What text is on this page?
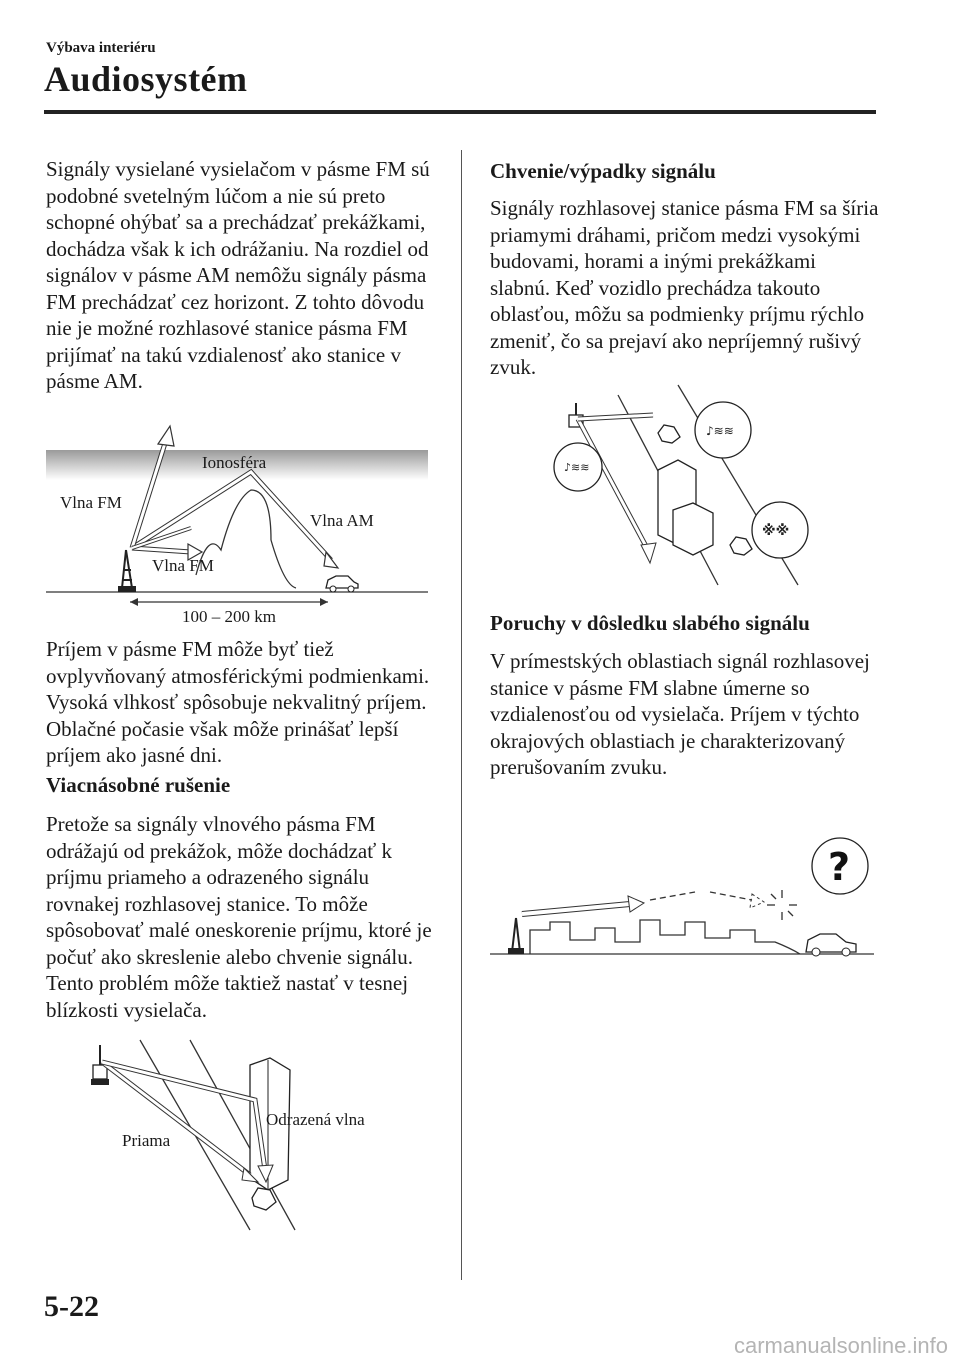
Výbava interiéru
Audiosystém

Signály vysielané vysielačom v pásme FM sú podobné svetelným lúčom a nie sú preto schopné ohýbať sa a prechádzať prekážkami, dochádza však k ich odrážaniu. Na rozdiel od signálov v pásme AM nemôžu signály pásma FM prechádzať cez horizont. Z tohto dôvodu nie je možné rozhlasové stanice pásma FM prijímať na takú vzdialenosť ako stanice v pásme AM.

Ionosféra
Vlna FM
Vlna AM
Vlna FM
100 – 200 km

Príjem v pásme FM môže byť tiež ovplyvňovaný atmosférickými podmienkami. Vysoká vlhkosť spôsobuje nekvalitný príjem. Oblačné počasie však môže prinášať lepší príjem ako jasné dni.

Viacnásobné rušenie

Pretože sa signály vlnového pásma FM odrážajú od prekážok, môže dochádzať k príjmu priameho a odrazeného signálu rovnakej rozhlasovej stanice. To môže spôsobovať malé oneskorenie príjmu, ktoré je počuť ako skreslenie alebo chvenie signálu. Tento problém môže taktiež nastať v tesnej blízkosti vysielača.

Odrazená vlna
Priama
Chvenie/výpadky signálu

Signály rozhlasovej stanice pásma FM sa šíria priamymi dráhami, pričom medzi vysokými budovami, horami a inými prekážkami slabnú. Keď vozidlo prechádza takouto oblasťou, môžu sa podmienky príjmu rýchlo zmeniť, čo sa prejaví ako nepríjemný rušivý zvuk.

♪≋≋
♪≋≋
※※
Poruchy v dôsledku slabého signálu

V prímestských oblastiach signál rozhlasovej stanice v pásme FM slabne úmerne so vzdialenosťou od vysielača. Príjem v týchto okrajových oblastiach je charakterizovaný prerušovaním zvuku.

?
5-22
carmanualsonline.info
